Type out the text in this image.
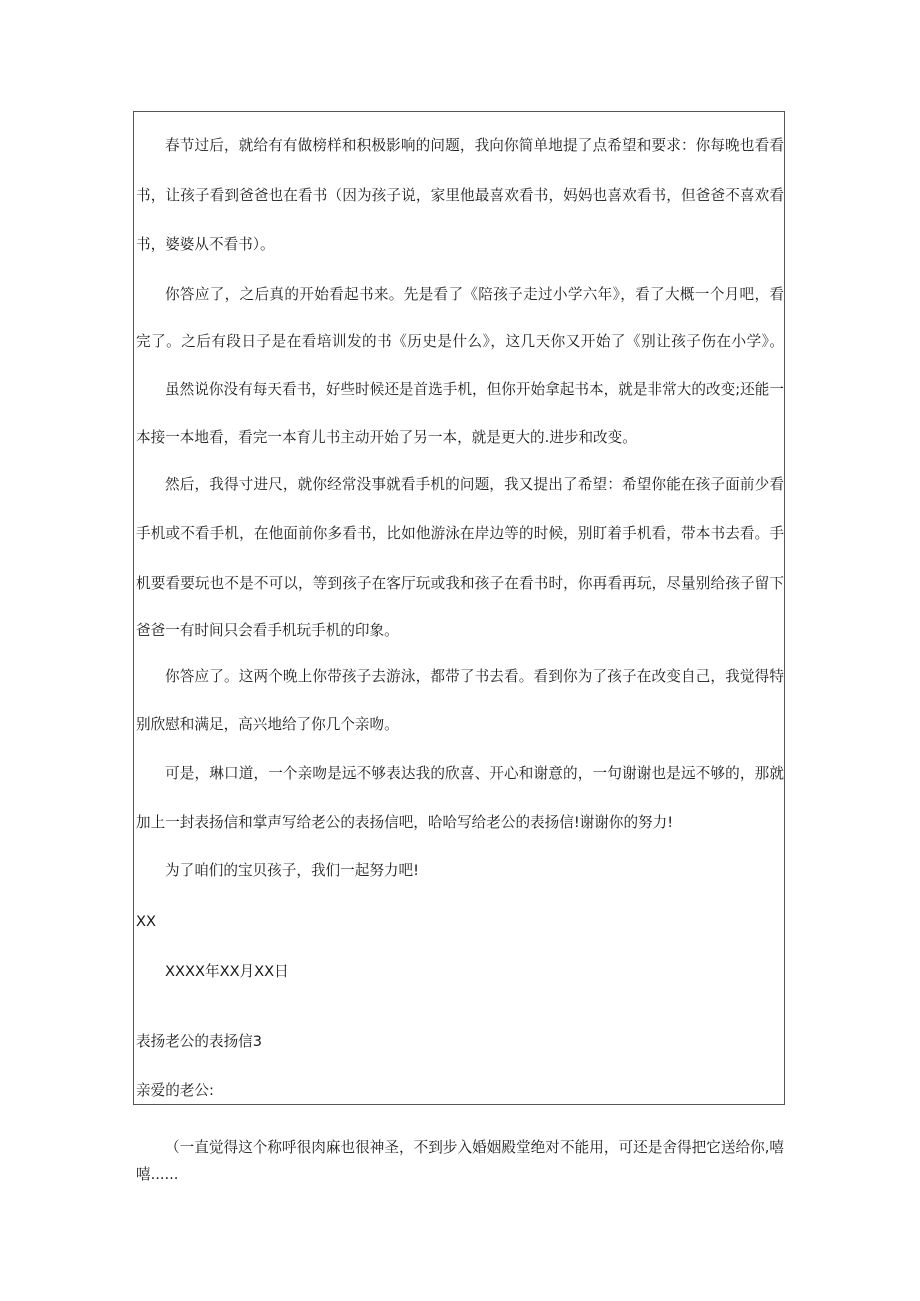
春节过后，就给有有做榜样和积极影响的问题，我向你简单地提了点希望和要求：你每晚也看看
书，让孩子看到爸爸也在看书（因为孩子说，家里他最喜欢看书，妈妈也喜欢看书，但爸爸不喜欢看
书，婆婆从不看书）。
你答应了，之后真的开始看起书来。先是看了《陪孩子走过小学六年》，看了大概一个月吧，看
完了。之后有段日子是在看培训发的书《历史是什么》，这几天你又开始了《别让孩子伤在小学》。
虽然说你没有每天看书，好些时候还是首选手机，但你开始拿起书本，就是非常大的改变;还能一
本接一本地看，看完一本育儿书主动开始了另一本，就是更大的.进步和改变。
然后，我得寸进尺，就你经常没事就看手机的问题，我又提出了希望：希望你能在孩子面前少看
手机或不看手机，在他面前你多看书，比如他游泳在岸边等的时候，别盯着手机看，带本书去看。手
机要看要玩也不是不可以，等到孩子在客厅玩或我和孩子在看书时，你再看再玩，尽量别给孩子留下
爸爸一有时间只会看手机玩手机的印象。
你答应了。这两个晚上你带孩子去游泳，都带了书去看。看到你为了孩子在改变自己，我觉得特
别欣慰和满足，高兴地给了你几个亲吻。
可是，琳口道，一个亲吻是远不够表达我的欣喜、开心和谢意的，一句谢谢也是远不够的，那就
加上一封表扬信和掌声写给老公的表扬信吧，哈哈写给老公的表扬信!谢谢你的努力!
为了咱们的宝贝孩子，我们一起努力吧!
XX
XXXX年XX月XX日
表扬老公的表扬信3
亲爱的老公:
（一直觉得这个称呼很肉麻也很神圣，不到步入婚姻殿堂绝对不能用，可还是舍得把它送给你,嘻
嘻......
